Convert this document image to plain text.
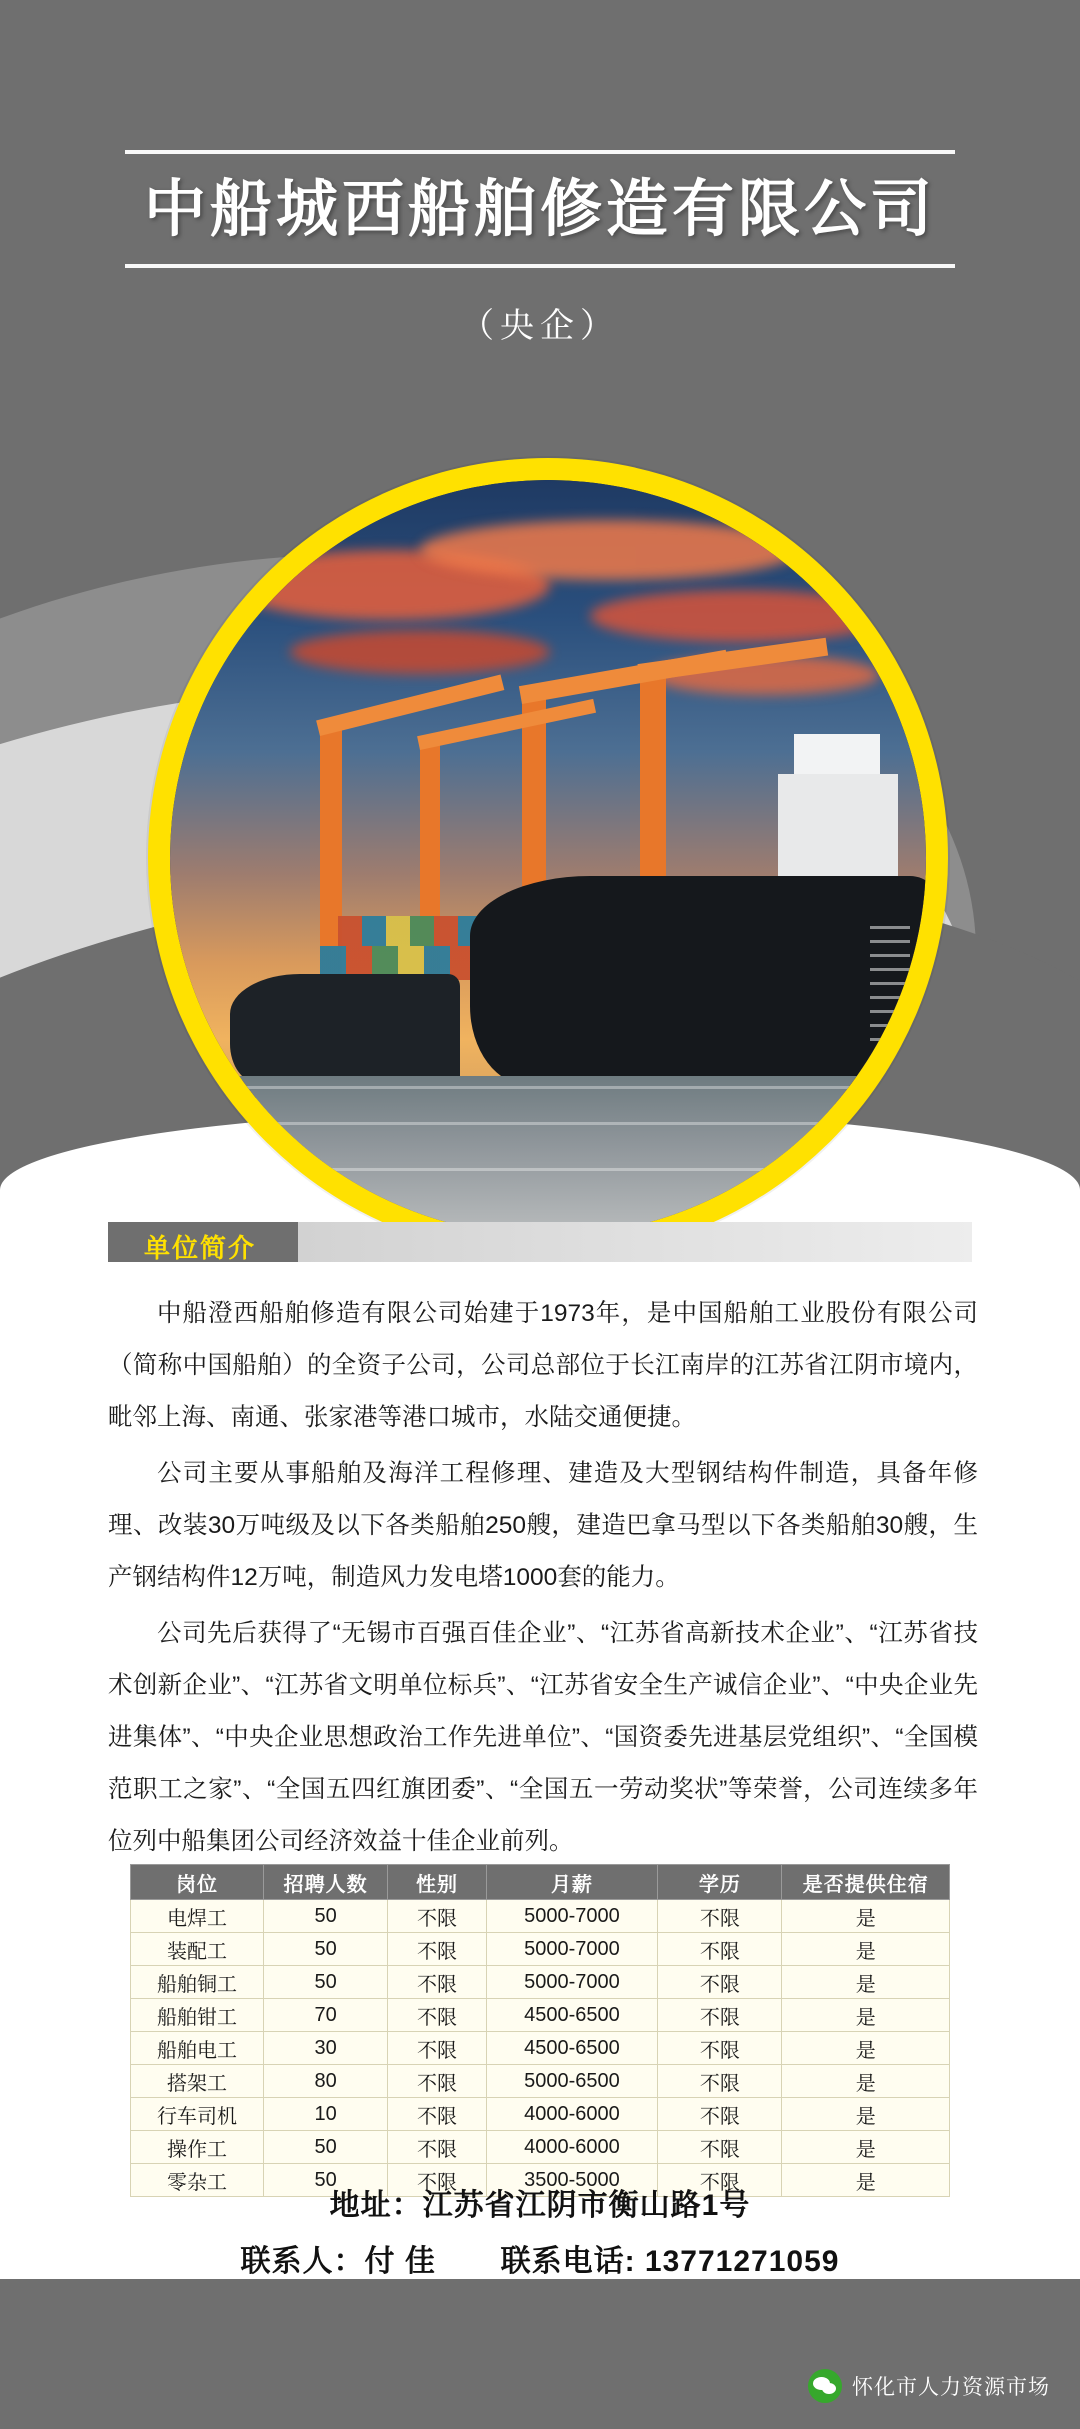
中船城西船舶修造有限公司
（央企）
单位简介

中船澄西船舶修造有限公司始建于1973年，是中国船舶工业股份有限公司（简称中国船舶）的全资子公司，公司总部位于长江南岸的江苏省江阴市境内，毗邻上海、南通、张家港等港口城市，水陆交通便捷。

公司主要从事船舶及海洋工程修理、建造及大型钢结构件制造，具备年修理、改装30万吨级及以下各类船舶250艘，建造巴拿马型以下各类船舶30艘，生产钢结构件12万吨，制造风力发电塔1000套的能力。

公司先后获得了“无锡市百强百佳企业”、“江苏省高新技术企业”、“江苏省技术创新企业”、“江苏省文明单位标兵”、“江苏省安全生产诚信企业”、“中央企业先进集体”、“中央企业思想政治工作先进单位”、“国资委先进基层党组织”、“全国模范职工之家”、“全国五四红旗团委”、“全国五一劳动奖状”等荣誉，公司连续多年位列中船集团公司经济效益十佳企业前列。

岗位	招聘人数	性别	月薪	学历	是否提供住宿
电焊工	50	不限	5000-7000	不限	是
装配工	50	不限	5000-7000	不限	是
船舶铜工	50	不限	5000-7000	不限	是
船舶钳工	70	不限	4500-6500	不限	是
船舶电工	30	不限	4500-6500	不限	是
搭架工	80	不限	5000-6500	不限	是
行车司机	10	不限	4000-6000	不限	是
操作工	50	不限	4000-6000	不限	是
零杂工	50	不限	3500-5000	不限	是
地址：江苏省江阴市衡山路1号
联系人：付 佳 联系电话: 13771271059
怀化市人力资源市场
